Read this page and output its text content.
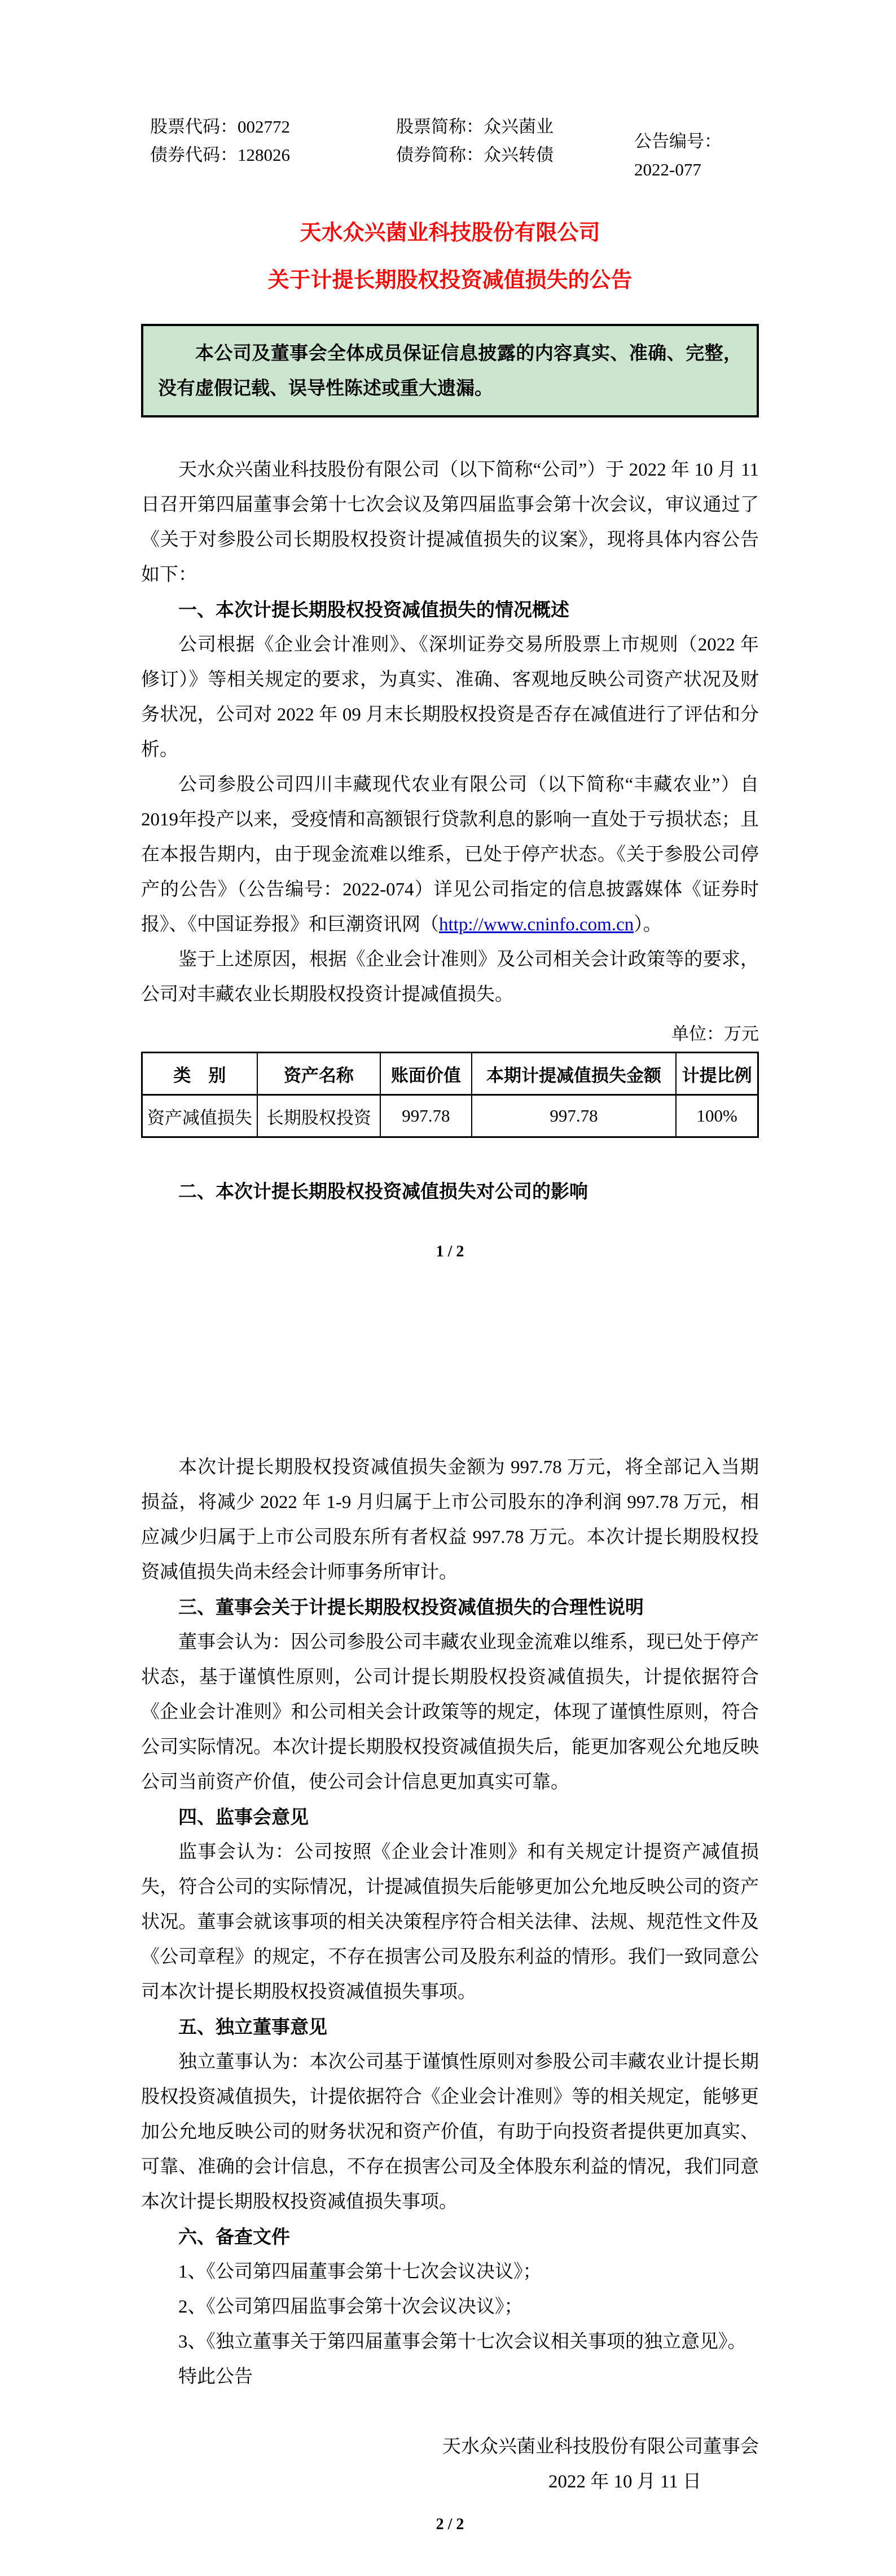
股票代码：002772
债券代码：128026
股票简称：众兴菌业
债券简称：众兴转债
公告编号：2022-077
天水众兴菌业科技股份有限公司
关于计提长期股权投资减值损失的公告
本公司及董事会全体成员保证信息披露的内容真实、准确、完整，没有虚假记载、误导性陈述或重大遗漏。

天水众兴菌业科技股份有限公司（以下简称“公司”）于 2022 年 10 月 11 日召开第四届董事会第十七次会议及第四届监事会第十次会议，审议通过了《关于对参股公司长期股权投资计提减值损失的议案》，现将具体内容公告如下：

一、本次计提长期股权投资减值损失的情况概述

公司根据《企业会计准则》、《深圳证券交易所股票上市规则（2022 年修订）》等相关规定的要求，为真实、准确、客观地反映公司资产状况及财务状况，公司对 2022 年 09 月末长期股权投资是否存在减值进行了评估和分析。

公司参股公司四川丰藏现代农业有限公司（以下简称“丰藏农业”）自2019年投产以来，受疫情和高额银行贷款利息的影响一直处于亏损状态；且在本报告期内，由于现金流难以维系，已处于停产状态。《关于参股公司停产的公告》（公告编号：2022-074）详见公司指定的信息披露媒体《证券时报》、《中国证券报》和巨潮资讯网（http://www.cninfo.com.cn）。

鉴于上述原因，根据《企业会计准则》及公司相关会计政策等的要求，公司对丰藏农业长期股权投资计提减值损失。

单位：万元
类　别	资产名称	账面价值	本期计提减值损失金额	计提比例
资产减值损失	长期股权投资	997.78	997.78	100%

二、本次计提长期股权投资减值损失对公司的影响

1 / 2

本次计提长期股权投资减值损失金额为 997.78 万元，将全部记入当期损益，将减少 2022 年 1-9 月归属于上市公司股东的净利润 997.78 万元，相应减少归属于上市公司股东所有者权益 997.78 万元。本次计提长期股权投资减值损失尚未经会计师事务所审计。

三、董事会关于计提长期股权投资减值损失的合理性说明

董事会认为：因公司参股公司丰藏农业现金流难以维系，现已处于停产状态，基于谨慎性原则，公司计提长期股权投资减值损失，计提依据符合《企业会计准则》和公司相关会计政策等的规定，体现了谨慎性原则，符合公司实际情况。本次计提长期股权投资减值损失后，能更加客观公允地反映公司当前资产价值，使公司会计信息更加真实可靠。

四、监事会意见

监事会认为：公司按照《企业会计准则》和有关规定计提资产减值损失，符合公司的实际情况，计提减值损失后能够更加公允地反映公司的资产状况。董事会就该事项的相关决策程序符合相关法律、法规、规范性文件及《公司章程》的规定，不存在损害公司及股东利益的情形。我们一致同意公司本次计提长期股权投资减值损失事项。

五、独立董事意见

独立董事认为：本次公司基于谨慎性原则对参股公司丰藏农业计提长期股权投资减值损失，计提依据符合《企业会计准则》等的相关规定，能够更加公允地反映公司的财务状况和资产价值，有助于向投资者提供更加真实、可靠、准确的会计信息，不存在损害公司及全体股东利益的情况，我们同意本次计提长期股权投资减值损失事项。

六、备查文件

1、《公司第四届董事会第十七次会议决议》；

2、《公司第四届监事会第十次会议决议》；

3、《独立董事关于第四届董事会第十七次会议相关事项的独立意见》。

特此公告

天水众兴菌业科技股份有限公司董事会
2022 年 10 月 11 日
2 / 2
